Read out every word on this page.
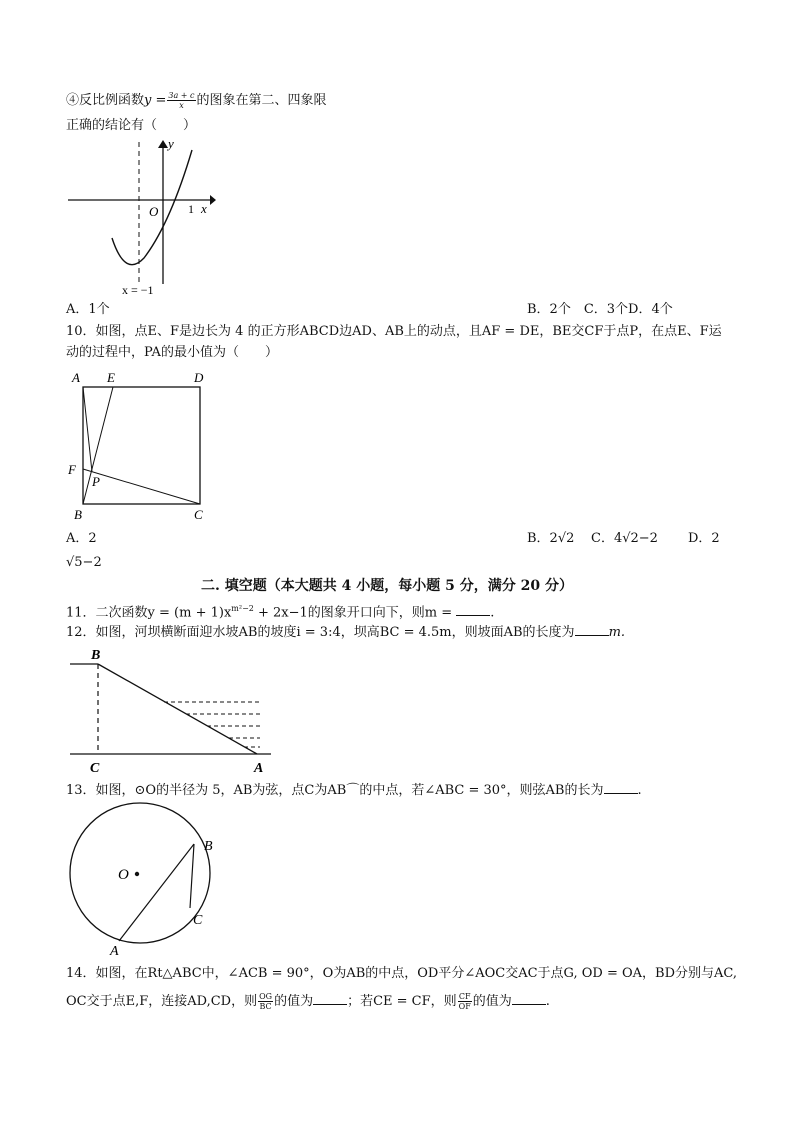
④反比例函数$y = \frac{3a + c}{x}$ 的图象在第二、四象限
正确的结论有（　　）
y
O 1 x
x = −1
A．1个	B．2个　C．3个D．4个
10．如图，点E、F是边长为 4 的正方形ABCD边AD、AB上的动点，且AF = DE，BE交CF于点P，在点E、F运
动的过程中，PA的最小值为（　　）
A E	D
F
P
B	C
A．2	B．2√2 C．4√2−2 D．2
√5−2
二. 填空题（本大题共 4 小题，每小题 5 分，满分 20 分）
11．二次函数$y = (m + 1)x^{m^2-2} + 2x-1$的图象开口向下，则m =	.
12．如图，河坝横断面迎水坡AB的坡度i = 3:4，坝高BC = 4.5m，则坡面AB的长度为	m.
B
C	A
13．如图，⊙O的半径为 5，AB为弦，点C为AB⌒的中点，若∠ABC = 30°，则弦AB的长为	.
O
A
B
C
14．如图，在Rt△ABC中，∠ACB = 90°，O为AB的中点，OD平分∠AOC交AC于点G, OD = OA，BD分别与AC,
OC交于点E,F，连接AD,CD，则 $\frac{OG}{BC}$ 的值为	；若CE = CF，则 $\frac{CF}{OF}$ 的值为	.
